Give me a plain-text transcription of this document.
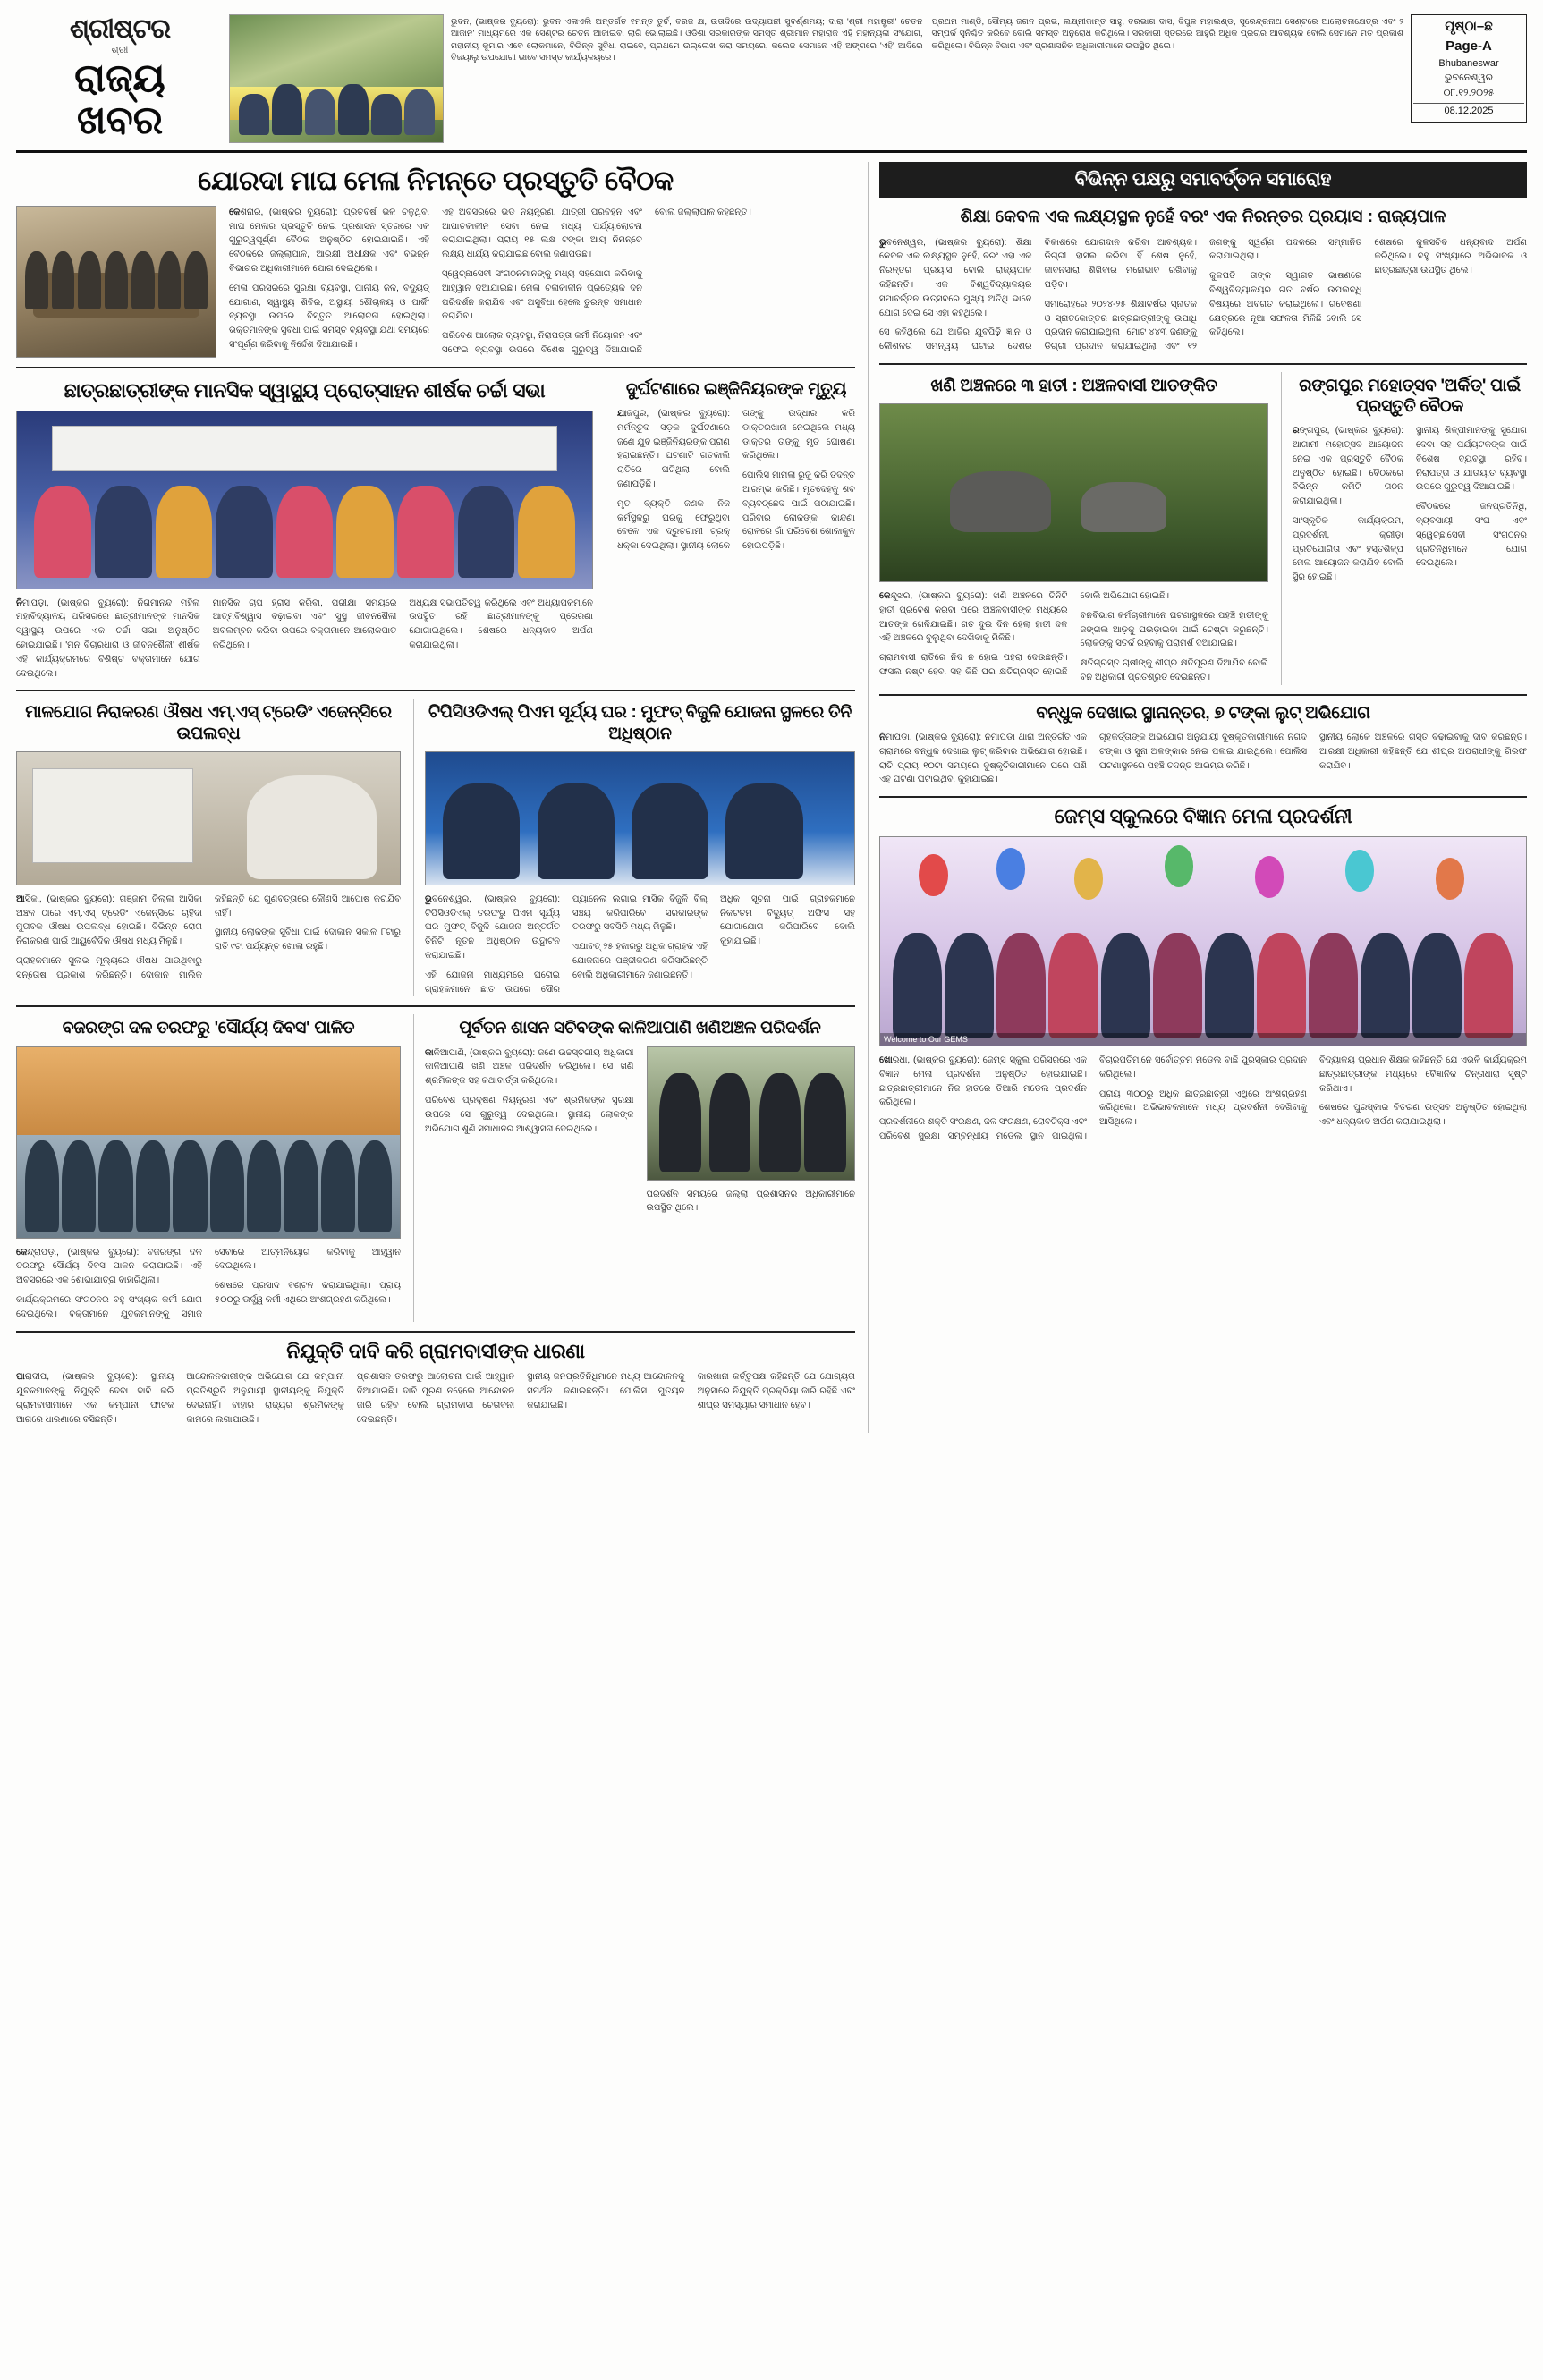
ଶ୍ରୀଷ୍ଟର
ଶ୍ରୀ
ରାଜ୍ୟ
ଖବର
ଭୁବନ, (ଭାଷ୍କର ବ୍ୟୁରୋ): ଭୁବନ ଏଳାଏଲି ଅନ୍ତର୍ଗତ ୧ମନ୍ତ ତୁର୍ଚ, ବରଜ କ୍ଷ, ଉତାଦିରେ ଉଦ୍ୟାପନୀ ସୁବର୍ଣ୍ଣମୟ; ଦାରା 'ଶ୍ରୀ ମହାଷ୍ଟ୍ରୀ' ଚେତନ ଆଜାନ' ମାଧ୍ୟମରେ ଏକ ସେଣ୍ଟର ଚେତନ ଆଜାଇବା ଲାଗି ଭୋଲାଇଛି। ଓଡିଶା ସରକାରଙ୍କ ସମସ୍ତ ଶ୍ରୀମାନ ମହାରାଜ ଏହି ମହାନ୍ୟଳା ସଂଯୋଗ, ମହାନୀୟ କୁମାର ଏବେ ଲୋକମାନେ, ବିଭିନ୍ନ ସୁବିଧା ରାଇବେ, ପ୍ରଥମେ ଉଲ୍ଲେଖ କରା ସମୟରେ, କଲେଜ ସେମାନେ ଏହି ଅଙ୍ଗରେ 'ଏହି' ଆଦିରେ ବିଜୟାଲୁ ଉପଯୋଗୀ ଭାବେ ସମସ୍ତ କାର୍ଯ୍ୟଳୟରେ।
ପ୍ରଥମ ମାଣ୍ଡି, ସୌମ୍ୟ ଜଗନ ପ୍ରଭ, ଲକ୍ଷ୍ମୀକାନ୍ତ ସାହୁ, ବରଭାଗ ଦାସ, ବିପୁଳ ମହାଲଣ୍ଡ, ସୁରେନ୍ଦ୍ରନାଥ ସେଣ୍ଟରେ ଆଲୋଚନାକ୍ଷେତ୍ର ଏବଂ ୨ ସମ୍ପର୍କ ସୁନିଶ୍ଚିତ କରିବେ ବୋଲି ସମସ୍ତ ଅନୁରୋଧ କରିଥିଲେ। ସରକାରୀ ସ୍ତରରେ ଆହୁରି ଅଧିକ ପ୍ରଚାର ଆବଶ୍ୟକ ବୋଲି ସେମାନେ ମତ ପ୍ରକାଶ କରିଥିଲେ। ବିଭିନ୍ନ ବିଭାଗ ଏବଂ ପ୍ରଶାସନିକ ଅଧିକାରୀମାନେ ଉପସ୍ଥିତ ଥିଲେ।
ପୃଷ୍ଠା–ଛ
Page-A
Bhubaneswar
ଭୁବନେଶ୍ୱର
୦୮.୧୨.୨୦୨୫
08.12.2025
ଯୋରଦା ମାଘ ମେଳା ନିମନ୍ତେ ପ୍ରସ୍ତୁତି ବୈଠକ

କେଶନାର, (ଭାଷ୍କର ବ୍ୟୁରୋ): ପ୍ରତିବର୍ଷ ଭଳି ଚଳୁଥିବା ମାଘ ମେଳାର ପ୍ରସ୍ତୁତି ନେଇ ପ୍ରଶାସନ ସ୍ତରରେ ଏକ ଗୁରୁତ୍ୱପୂର୍ଣ୍ଣ ବୈଠକ ଅନୁଷ୍ଠିତ ହୋଇଯାଇଛି। ଏହି ବୈଠକରେ ଜିଲ୍ଲାପାଳ, ଆରକ୍ଷୀ ଅଧୀକ୍ଷକ ଏବଂ ବିଭିନ୍ନ ବିଭାଗର ଅଧିକାରୀମାନେ ଯୋଗ ଦେଇଥିଲେ।

ମେଳା ପରିସରରେ ସୁରକ୍ଷା ବ୍ୟବସ୍ଥା, ପାନୀୟ ଜଳ, ବିଦ୍ୟୁତ୍ ଯୋଗାଣ, ସ୍ୱାସ୍ଥ୍ୟ ଶିବିର, ଅସ୍ଥାୟୀ ଶୌଚାଳୟ ଓ ପାର୍କିଂ ବ୍ୟବସ୍ଥା ଉପରେ ବିସ୍ତୃତ ଆଲୋଚନା ହୋଇଥିଲା। ଭକ୍ତମାନଙ୍କ ସୁବିଧା ପାଇଁ ସମସ୍ତ ବ୍ୟବସ୍ଥା ଯଥା ସମୟରେ ସଂପୂର୍ଣ୍ଣ କରିବାକୁ ନିର୍ଦ୍ଦେଶ ଦିଆଯାଇଛି।

ଏହି ଅବସରରେ ଭିଡ଼ ନିୟନ୍ତ୍ରଣ, ଯାତ୍ରୀ ପରିବହନ ଏବଂ ଆପାତକାଳୀନ ସେବା ନେଇ ମଧ୍ୟ ପର୍ଯ୍ୟାଲୋଚନା କରାଯାଇଥିଲା। ପ୍ରାୟ ୧୫ ଲକ୍ଷ ଟଙ୍କା ଆୟ ନିମନ୍ତେ ଲକ୍ଷ୍ୟ ଧାର୍ଯ୍ୟ କରାଯାଇଛି ବୋଲି ଜଣାପଡ଼ିଛି।

ସ୍ୱେଚ୍ଛାସେବୀ ସଂଗଠନମାନଙ୍କୁ ମଧ୍ୟ ସହଯୋଗ କରିବାକୁ ଆହ୍ୱାନ ଦିଆଯାଇଛି। ମେଳା ଚଳାକାଳୀନ ପ୍ରତ୍ୟେକ ଦିନ ପରିଦର୍ଶନ କରାଯିବ ଏବଂ ଅସୁବିଧା ହେଲେ ତୁରନ୍ତ ସମାଧାନ କରାଯିବ।

ପରିବେଶ ଆଲୋକ ବ୍ୟବସ୍ଥା, ନିରାପତ୍ତା କର୍ମୀ ନିୟୋଜନ ଏବଂ ସଫେଇ ବ୍ୟବସ୍ଥା ଉପରେ ବିଶେଷ ଗୁରୁତ୍ୱ ଦିଆଯାଇଛି ବୋଲି ଜିଲ୍ଲାପାଳ କହିଛନ୍ତି।

ଛାତ୍ରଛାତ୍ରୀଙ୍କ ମାନସିକ ସ୍ୱାସ୍ଥ୍ୟ ପ୍ରୋତ୍ସାହନ ଶୀର୍ଷକ ଚର୍ଚ୍ଚା ସଭା

ନିମାପଡ଼ା, (ଭାଷ୍କର ବ୍ୟୁରୋ): ନିଗମାନନ୍ଦ ମହିଳା ମହାବିଦ୍ୟାଳୟ ପରିସରରେ ଛାତ୍ରୀମାନଙ୍କ ମାନସିକ ସ୍ୱାସ୍ଥ୍ୟ ଉପରେ ଏକ ଚର୍ଚ୍ଚା ସଭା ଅନୁଷ୍ଠିତ ହୋଇଯାଇଛି। 'ମନ ବିଚାରଧାରା ଓ ଜୀବନଶୈଳୀ' ଶୀର୍ଷକ ଏହି କାର୍ଯ୍ୟକ୍ରମରେ ବିଶିଷ୍ଟ ବକ୍ତାମାନେ ଯୋଗ ଦେଇଥିଲେ।

ମାନସିକ ଚାପ ହ୍ରାସ କରିବା, ପରୀକ୍ଷା ସମୟରେ ଆତ୍ମବିଶ୍ୱାସ ବଢ଼ାଇବା ଏବଂ ସୁସ୍ଥ ଜୀବନଶୈଳୀ ଅବଲମ୍ବନ କରିବା ଉପରେ ବକ୍ତାମାନେ ଆଲୋକପାତ କରିଥିଲେ।

ଅଧ୍ୟକ୍ଷ ସଭାପତିତ୍ୱ କରିଥିଲେ ଏବଂ ଅଧ୍ୟାପକମାନେ ଉପସ୍ଥିତ ରହି ଛାତ୍ରୀମାନଙ୍କୁ ପ୍ରେରଣା ଯୋଗାଇଥିଲେ। ଶେଷରେ ଧନ୍ୟବାଦ ଅର୍ପଣ କରାଯାଇଥିଲା।

ଦୁର୍ଘଟଣାରେ ଇଞ୍ଜିନିୟରଙ୍କ ମୃତ୍ୟୁ

ଯାଜପୁର, (ଭାଷ୍କର ବ୍ୟୁରୋ): ମର୍ମନ୍ତୁଦ ସଡ଼କ ଦୁର୍ଘଟଣାରେ ଜଣେ ଯୁବ ଇଞ୍ଜିନିୟରଙ୍କ ପ୍ରାଣ ହରାଇଛନ୍ତି। ଘଟଣାଟି ଗତକାଲି ରାତିରେ ଘଟିଥିଲା ବୋଲି ଜଣାପଡ଼ିଛି।

ମୃତ ବ୍ୟକ୍ତି ଜଣକ ନିଜ କର୍ମସ୍ଥଳରୁ ଘରକୁ ଫେରୁଥିବା ବେଳେ ଏକ ଦ୍ରୁତଗାମୀ ଟ୍ରକ୍ ଧକ୍କା ଦେଇଥିଲା। ସ୍ଥାନୀୟ ଲୋକେ ତାଙ୍କୁ ଉଦ୍ଧାର କରି ଡାକ୍ତରଖାନା ନେଇଥିଲେ ମଧ୍ୟ ଡାକ୍ତର ତାଙ୍କୁ ମୃତ ଘୋଷଣା କରିଥିଲେ।

ପୋଲିସ ମାମଲା ରୁଜୁ କରି ତଦନ୍ତ ଆରମ୍ଭ କରିଛି। ମୃତଦେହକୁ ଶବ ବ୍ୟବଚ୍ଛେଦ ପାଇଁ ପଠାଯାଇଛି। ପରିବାର ଲୋକଙ୍କ କାନ୍ଦଣା ରୋଳରେ ଗାଁ ପରିବେଶ ଶୋକାକୁଳ ହୋଇପଡ଼ିଛି।

ମାଳଯୋଗ ନିରାକରଣ ଔଷଧ ଏମ୍.ଏସ୍ ଟ୍ରେଡିଂ ଏଜେନ୍ସିରେ ଉପଲବ୍ଧ

ଆସିକା, (ଭାଷ୍କର ବ୍ୟୁରୋ): ଗଞ୍ଜାମ ଜିଲ୍ଲା ଆସିକା ଅଞ୍ଚଳ ଠାରେ ଏମ୍.ଏସ୍ ଟ୍ରେଡିଂ ଏଜେନ୍ସିରେ ଚାହିଦା ମୁତାବକ ଔଷଧ ଉପଲବ୍ଧ ହୋଇଛି। ବିଭିନ୍ନ ରୋଗ ନିରାକରଣ ପାଇଁ ଆୟୁର୍ବେଦିକ ଔଷଧ ମଧ୍ୟ ମିଳୁଛି।

ଗ୍ରାହକମାନେ ସୁଲଭ ମୂଲ୍ୟରେ ଔଷଧ ପାଉଥିବାରୁ ସନ୍ତୋଷ ପ୍ରକାଶ କରିଛନ୍ତି। ଦୋକାନ ମାଲିକ କହିଛନ୍ତି ଯେ ଗୁଣବତ୍ତାରେ କୌଣସି ଆପୋଷ କରାଯିବ ନାହିଁ।

ସ୍ଥାନୀୟ ଲୋକଙ୍କ ସୁବିଧା ପାଇଁ ଦୋକାନ ସକାଳ ୮ଟାରୁ ରାତି ୯ଟା ପର୍ଯ୍ୟନ୍ତ ଖୋଲା ରହୁଛି।

ଟିପିସିଓଡିଏଲ୍ ପିଏମ ସୂର୍ଯ୍ୟ ଘର : ମୁଫତ୍ ବିଜୁଳି ଯୋଜନା ସ୍ଥଳରେ ତିନି ଅଧିଷ୍ଠାନ

ଭୁବନେଶ୍ୱର, (ଭାଷ୍କର ବ୍ୟୁରୋ): ଟିପିସିଓଡିଏଲ୍ ତରଫରୁ ପିଏମ ସୂର୍ଯ୍ୟ ଘର ମୁଫତ୍ ବିଜୁଳି ଯୋଜନା ଅନ୍ତର୍ଗତ ତିନିଟି ନୂତନ ଅଧିଷ୍ଠାନ ଉଦ୍ଘାଟନ କରାଯାଇଛି।

ଏହି ଯୋଜନା ମାଧ୍ୟମରେ ଘରୋଇ ଗ୍ରାହକମାନେ ଛାତ ଉପରେ ସୌର ପ୍ୟାନେଲ ଲଗାଇ ମାସିକ ବିଜୁଳି ବିଲ୍ ସଞ୍ଚୟ କରିପାରିବେ। ସରକାରଙ୍କ ତରଫରୁ ସବସିଡି ମଧ୍ୟ ମିଳୁଛି।

ଏଯାବତ୍ ୨୫ ହଜାରରୁ ଅଧିକ ଗ୍ରାହକ ଏହି ଯୋଜନାରେ ପଞ୍ଜୀକରଣ କରିସାରିଛନ୍ତି ବୋଲି ଅଧିକାରୀମାନେ ଜଣାଇଛନ୍ତି।

ଅଧିକ ସୂଚନା ପାଇଁ ଗ୍ରାହକମାନେ ନିକଟତମ ବିଦ୍ୟୁତ୍ ଅଫିସ ସହ ଯୋଗାଯୋଗ କରିପାରିବେ ବୋଲି କୁହାଯାଇଛି।

ବଜରଙ୍ଗ ଦଳ ତରଫରୁ 'ସୌର୍ଯ୍ୟ ଦିବସ' ପାଳିତ

କେନ୍ଦ୍ରାପଡ଼ା, (ଭାଷ୍କର ବ୍ୟୁରୋ): ବଜରଙ୍ଗ ଦଳ ତରଫରୁ ସୌର୍ଯ୍ୟ ଦିବସ ପାଳନ କରାଯାଇଛି। ଏହି ଅବସରରେ ଏକ ଶୋଭାଯାତ୍ରା ବାହାରିଥିଲା।

କାର୍ଯ୍ୟକ୍ରମରେ ସଂଗଠନର ବହୁ ସଂଖ୍ୟକ କର୍ମୀ ଯୋଗ ଦେଇଥିଲେ। ବକ୍ତାମାନେ ଯୁବକମାନଙ୍କୁ ସମାଜ ସେବାରେ ଆତ୍ମନିୟୋଗ କରିବାକୁ ଆହ୍ୱାନ ଦେଇଥିଲେ।

ଶେଷରେ ପ୍ରସାଦ ବଣ୍ଟନ କରାଯାଇଥିଲା। ପ୍ରାୟ ୫୦୦ରୁ ଊର୍ଦ୍ଧ୍ୱ କର୍ମୀ ଏଥିରେ ଅଂଶଗ୍ରହଣ କରିଥିଲେ।

ପୂର୍ବତନ ଶାସନ ସଚିବଙ୍କ କାଳିଆପାଣି ଖଣିଅଞ୍ଚଳ ପରିଦର୍ଶନ

କାଳିଆପାଣି, (ଭାଷ୍କର ବ୍ୟୁରୋ): ଜଣେ ଉଚ୍ଚସ୍ତରୀୟ ଅଧିକାରୀ କାଳିଆପାଣି ଖଣି ଅଞ୍ଚଳ ପରିଦର୍ଶନ କରିଥିଲେ। ସେ ଖଣି ଶ୍ରମିକଙ୍କ ସହ କଥାବାର୍ତ୍ତା କରିଥିଲେ।

ପରିବେଶ ପ୍ରଦୂଷଣ ନିୟନ୍ତ୍ରଣ ଏବଂ ଶ୍ରମିକଙ୍କ ସୁରକ୍ଷା ଉପରେ ସେ ଗୁରୁତ୍ୱ ଦେଇଥିଲେ। ସ୍ଥାନୀୟ ଲୋକଙ୍କ ଅଭିଯୋଗ ଶୁଣି ସମାଧାନର ଆଶ୍ୱାସନା ଦେଇଥିଲେ।

ପରିଦର୍ଶନ ସମୟରେ ଜିଲ୍ଲା ପ୍ରଶାସନର ଅଧିକାରୀମାନେ ଉପସ୍ଥିତ ଥିଲେ।

ନିଯୁକ୍ତି ଦାବି କରି ଗ୍ରାମବାସୀଙ୍କ ଧାରଣା

ପାରାଦୀପ, (ଭାଷ୍କର ବ୍ୟୁରୋ): ସ୍ଥାନୀୟ ଯୁବକମାନଙ୍କୁ ନିଯୁକ୍ତି ଦେବା ଦାବି କରି ଗ୍ରାମବାସୀମାନେ ଏକ କମ୍ପାନୀ ଫାଟକ ଆଗରେ ଧାରଣାରେ ବସିଛନ୍ତି।

ଆନ୍ଦୋଳନକାରୀଙ୍କ ଅଭିଯୋଗ ଯେ କମ୍ପାନୀ ପ୍ରତିଶ୍ରୁତି ଅନୁଯାୟୀ ସ୍ଥାନୀୟଙ୍କୁ ନିଯୁକ୍ତି ଦେଇନାହିଁ। ବାହାର ରାଜ୍ୟର ଶ୍ରମିକଙ୍କୁ କାମରେ ଲଗାଯାଉଛି।

ପ୍ରଶାସନ ତରଫରୁ ଆଲୋଚନା ପାଇଁ ଆହ୍ୱାନ ଦିଆଯାଇଛି। ଦାବି ପୂରଣ ନହେଲେ ଆନ୍ଦୋଳନ ଜାରି ରହିବ ବୋଲି ଗ୍ରାମବାସୀ ଚେତାବନୀ ଦେଇଛନ୍ତି।

ସ୍ଥାନୀୟ ଜନପ୍ରତିନିଧିମାନେ ମଧ୍ୟ ଆନ୍ଦୋଳନକୁ ସମର୍ଥନ ଜଣାଇଛନ୍ତି। ପୋଲିସ ମୁତୟନ କରାଯାଇଛି।

କାରଖାନା କର୍ତ୍ତୃପକ୍ଷ କହିଛନ୍ତି ଯେ ଯୋଗ୍ୟତା ଅନୁସାରେ ନିଯୁକ୍ତି ପ୍ରକ୍ରିୟା ଜାରି ରହିଛି ଏବଂ ଶୀଘ୍ର ସମସ୍ୟାର ସମାଧାନ ହେବ।

ବିଭିନ୍ନ ପକ୍ଷରୁ ସମାବର୍ତ୍ତନ ସମାରୋହ
ଶିକ୍ଷା କେବଳ ଏକ ଲକ୍ଷ୍ୟସ୍ଥଳ ନୁହେଁ ବରଂ ଏକ ନିରନ୍ତର ପ୍ରୟାସ : ରାଜ୍ୟପାଳ

ଭୁବନେଶ୍ୱର, (ଭାଷ୍କର ବ୍ୟୁରୋ): ଶିକ୍ଷା କେବଳ ଏକ ଲକ୍ଷ୍ୟସ୍ଥଳ ନୁହେଁ, ବରଂ ଏହା ଏକ ନିରନ୍ତର ପ୍ରୟାସ ବୋଲି ରାଜ୍ୟପାଳ କହିଛନ୍ତି। ଏକ ବିଶ୍ୱବିଦ୍ୟାଳୟର ସମାବର୍ତ୍ତନ ଉତ୍ସବରେ ମୁଖ୍ୟ ଅତିଥି ଭାବେ ଯୋଗ ଦେଇ ସେ ଏହା କହିଥିଲେ।

ସେ କହିଥିଲେ ଯେ ଆଜିର ଯୁବପିଢ଼ି ଜ୍ଞାନ ଓ କୌଶଳର ସମନ୍ୱୟ ଘଟାଇ ଦେଶର ବିକାଶରେ ଯୋଗଦାନ କରିବା ଆବଶ୍ୟକ। ଡିଗ୍ରୀ ହାସଲ କରିବା ହିଁ ଶେଷ ନୁହେଁ, ଜୀବନସାରା ଶିଖିବାର ମନୋଭାବ ରଖିବାକୁ ପଡ଼ିବ।

ସମାରୋହରେ ୨୦୨୪-୨୫ ଶିକ୍ଷାବର୍ଷର ସ୍ନାତକ ଓ ସ୍ନାତକୋତ୍ତର ଛାତ୍ରଛାତ୍ରୀଙ୍କୁ ଉପାଧି ପ୍ରଦାନ କରାଯାଇଥିଲା। ମୋଟ ୪୪୩ ଜଣଙ୍କୁ ଡିଗ୍ରୀ ପ୍ରଦାନ କରାଯାଇଥିଲା ଏବଂ ୧୨ ଜଣଙ୍କୁ ସ୍ୱର୍ଣ୍ଣ ପଦକରେ ସମ୍ମାନିତ କରାଯାଇଥିଲା।

କୁଳପତି ତାଙ୍କ ସ୍ୱାଗତ ଭାଷଣରେ ବିଶ୍ୱବିଦ୍ୟାଳୟର ଗତ ବର୍ଷର ଉପଲବ୍ଧି ବିଷୟରେ ଅବଗତ କରାଇଥିଲେ। ଗବେଷଣା କ୍ଷେତ୍ରରେ ନୂଆ ସଫଳତା ମିଳିଛି ବୋଲି ସେ କହିଥିଲେ।

ଶେଷରେ କୁଳସଚିବ ଧନ୍ୟବାଦ ଅର୍ପଣ କରିଥିଲେ। ବହୁ ସଂଖ୍ୟାରେ ଅଭିଭାବକ ଓ ଛାତ୍ରଛାତ୍ରୀ ଉପସ୍ଥିତ ଥିଲେ।

ଖଣି ଅଞ୍ଚଳରେ ୩ ହାତୀ : ଅଞ୍ଚଳବାସୀ ଆତଙ୍କିତ

କେନ୍ଦୁଝର, (ଭାଷ୍କର ବ୍ୟୁରୋ): ଖଣି ଅଞ୍ଚଳରେ ତିନିଟି ହାତୀ ପ୍ରବେଶ କରିବା ପରେ ଅଞ୍ଚଳବାସୀଙ୍କ ମଧ୍ୟରେ ଆତଙ୍କ ଖେଳିଯାଇଛି। ଗତ ଦୁଇ ଦିନ ହେଲା ହାତୀ ଦଳ ଏହି ଅଞ୍ଚଳରେ ବୁଲୁଥିବା ଦେଖିବାକୁ ମିଳିଛି।

ଗ୍ରାମବାସୀ ରାତିରେ ନିଦ ନ ହୋଇ ପହରା ଦେଉଛନ୍ତି। ଫସଲ ନଷ୍ଟ ହେବା ସହ କିଛି ଘର କ୍ଷତିଗ୍ରସ୍ତ ହୋଇଛି ବୋଲି ଅଭିଯୋଗ ହୋଇଛି।

ବନବିଭାଗ କର୍ମଚାରୀମାନେ ଘଟଣାସ୍ଥଳରେ ପହଞ୍ଚି ହାତୀଙ୍କୁ ଜଙ୍ଗଲ ଆଡ଼କୁ ଘଉଡ଼ାଇବା ପାଇଁ ଚେଷ୍ଟା କରୁଛନ୍ତି। ଲୋକଙ୍କୁ ସତର୍କ ରହିବାକୁ ପରାମର୍ଶ ଦିଆଯାଇଛି।

କ୍ଷତିଗ୍ରସ୍ତ ଚାଷୀଙ୍କୁ ଶୀଘ୍ର କ୍ଷତିପୂରଣ ଦିଆଯିବ ବୋଲି ବନ ଅଧିକାରୀ ପ୍ରତିଶ୍ରୁତି ଦେଇଛନ୍ତି।

ରଙ୍ଗପୁର ମହୋତ୍ସବ 'ଅର୍କିଡ୍' ପାଇଁ ପ୍ରସ୍ତୁତି ବୈଠକ

ରଙ୍ଗପୁର, (ଭାଷ୍କର ବ୍ୟୁରୋ): ଆଗାମୀ ମହୋତ୍ସବ ଆୟୋଜନ ନେଇ ଏକ ପ୍ରସ୍ତୁତି ବୈଠକ ଅନୁଷ୍ଠିତ ହୋଇଛି। ବୈଠକରେ ବିଭିନ୍ନ କମିଟି ଗଠନ କରାଯାଇଥିଲା।

ସାଂସ୍କୃତିକ କାର୍ଯ୍ୟକ୍ରମ, ପ୍ରଦର୍ଶନୀ, କ୍ରୀଡ଼ା ପ୍ରତିଯୋଗିତା ଏବଂ ହସ୍ତଶିଳ୍ପ ମେଳା ଆୟୋଜନ କରାଯିବ ବୋଲି ସ୍ଥିର ହୋଇଛି।

ସ୍ଥାନୀୟ ଶିଳ୍ପୀମାନଙ୍କୁ ସୁଯୋଗ ଦେବା ସହ ପର୍ଯ୍ୟଟକଙ୍କ ପାଇଁ ବିଶେଷ ବ୍ୟବସ୍ଥା ରହିବ। ନିରାପତ୍ତା ଓ ଯାତାୟାତ ବ୍ୟବସ୍ଥା ଉପରେ ଗୁରୁତ୍ୱ ଦିଆଯାଇଛି।

ବୈଠକରେ ଜନପ୍ରତିନିଧି, ବ୍ୟବସାୟୀ ସଂଘ ଏବଂ ସ୍ୱେଚ୍ଛାସେବୀ ସଂଗଠନର ପ୍ରତିନିଧିମାନେ ଯୋଗ ଦେଇଥିଲେ।

ବନ୍ଧୁକ ଦେଖାଇ ସ୍ଥାନାନ୍ତର, ୭ ଟଙ୍କା ଲୁଟ୍ ଅଭିଯୋଗ

ନିମାପଡ଼ା, (ଭାଷ୍କର ବ୍ୟୁରୋ): ନିମାପଡ଼ା ଥାନା ଅନ୍ତର୍ଗତ ଏକ ଗ୍ରାମରେ ବନ୍ଧୁକ ଦେଖାଇ ଲୁଟ୍ କରିବାର ଅଭିଯୋଗ ହୋଇଛି। ରାତି ପ୍ରାୟ ୧୦ଟା ସମୟରେ ଦୁଷ୍କୃତିକାରୀମାନେ ଘରେ ପଶି ଏହି ଘଟଣା ଘଟାଇଥିବା କୁହାଯାଇଛି।

ଗୃହକର୍ତ୍ତାଙ୍କ ଅଭିଯୋଗ ଅନୁଯାୟୀ ଦୁଷ୍କୃତିକାରୀମାନେ ନଗଦ ଟଙ୍କା ଓ ସୁନା ଅଳଙ୍କାର ନେଇ ପଳାଇ ଯାଇଥିଲେ। ପୋଲିସ ଘଟଣାସ୍ଥଳରେ ପହଞ୍ଚି ତଦନ୍ତ ଆରମ୍ଭ କରିଛି।

ସ୍ଥାନୀୟ ଲୋକେ ଅଞ୍ଚଳରେ ଗସ୍ତ ବଢ଼ାଇବାକୁ ଦାବି କରିଛନ୍ତି। ଆରକ୍ଷୀ ଅଧିକାରୀ କହିଛନ୍ତି ଯେ ଶୀଘ୍ର ଅପରାଧୀଙ୍କୁ ଗିରଫ କରାଯିବ।

ଜେମ୍ସ ସ୍କୁଲରେ ବିଜ୍ଞାନ ମେଳା ପ୍ରଦର୍ଶନୀ
Welcome to Our GEMS

ଖୋରଧା, (ଭାଷ୍କର ବ୍ୟୁରୋ): ଜେମ୍ସ ସ୍କୁଲ ପରିସରରେ ଏକ ବିଜ୍ଞାନ ମେଳା ପ୍ରଦର୍ଶନୀ ଅନୁଷ୍ଠିତ ହୋଇଯାଇଛି। ଛାତ୍ରଛାତ୍ରୀମାନେ ନିଜ ହାତରେ ତିଆରି ମଡେଲ ପ୍ରଦର୍ଶନ କରିଥିଲେ।

ପ୍ରଦର୍ଶନୀରେ ଶକ୍ତି ସଂରକ୍ଷଣ, ଜଳ ସଂରକ୍ଷଣ, ରୋବଟିକ୍ସ ଏବଂ ପରିବେଶ ସୁରକ୍ଷା ସମ୍ବନ୍ଧୀୟ ମଡେଲ ସ୍ଥାନ ପାଇଥିଲା। ବିଚାରପତିମାନେ ସର୍ବୋତ୍ତମ ମଡେଲ ବାଛି ପୁରସ୍କାର ପ୍ରଦାନ କରିଥିଲେ।

ପ୍ରାୟ ୩୦୦ରୁ ଅଧିକ ଛାତ୍ରଛାତ୍ରୀ ଏଥିରେ ଅଂଶଗ୍ରହଣ କରିଥିଲେ। ଅଭିଭାବକମାନେ ମଧ୍ୟ ପ୍ରଦର୍ଶନୀ ଦେଖିବାକୁ ଆସିଥିଲେ।

ବିଦ୍ୟାଳୟ ପ୍ରଧାନ ଶିକ୍ଷକ କହିଛନ୍ତି ଯେ ଏଭଳି କାର୍ଯ୍ୟକ୍ରମ ଛାତ୍ରଛାତ୍ରୀଙ୍କ ମଧ୍ୟରେ ବୈଜ୍ଞାନିକ ଚିନ୍ତାଧାରା ସୃଷ୍ଟି କରିଥାଏ।

ଶେଷରେ ପୁରସ୍କାର ବିତରଣ ଉତ୍ସବ ଅନୁଷ୍ଠିତ ହୋଇଥିଲା ଏବଂ ଧନ୍ୟବାଦ ଅର୍ପଣ କରାଯାଇଥିଲା।
